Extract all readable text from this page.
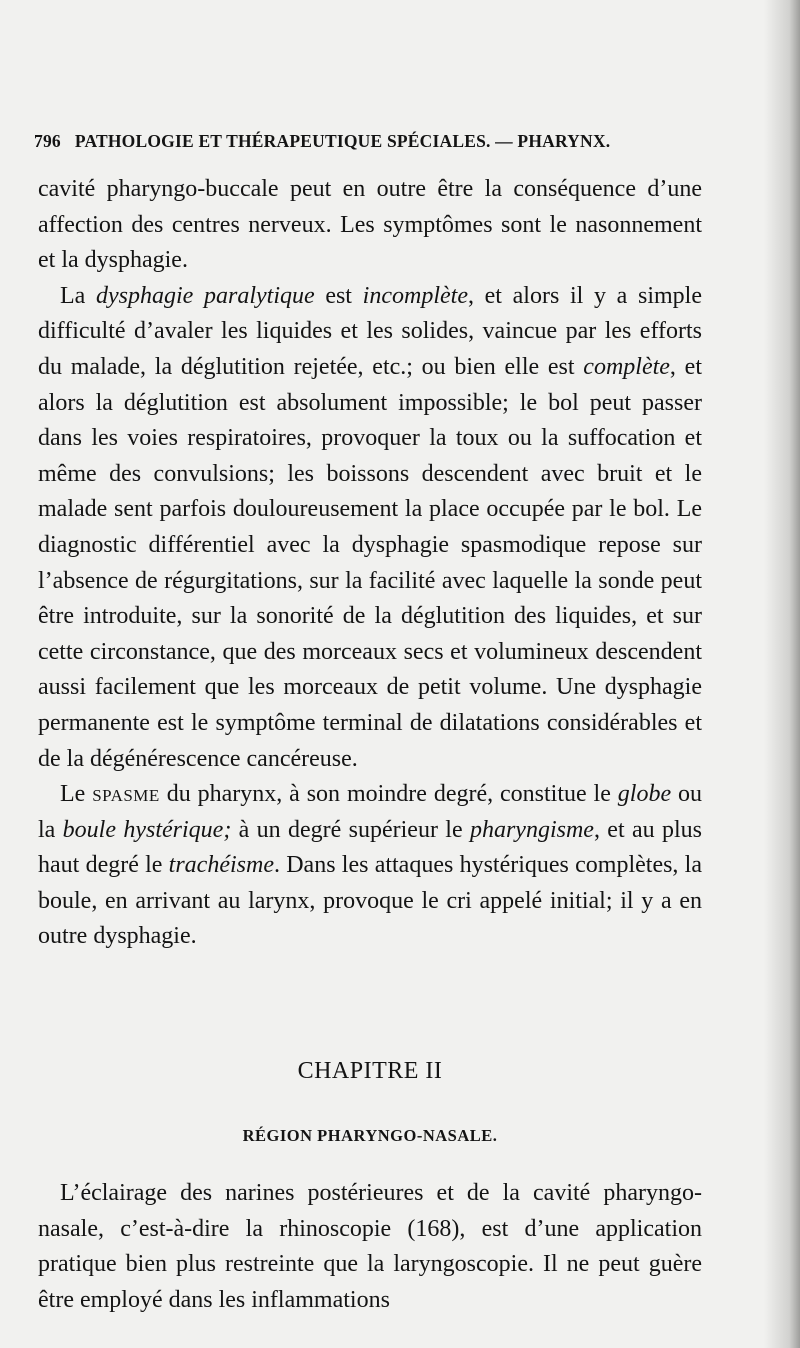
796 PATHOLOGIE ET THÉRAPEUTIQUE SPÉCIALES. — PHARYNX.

cavité pharyngo-buccale peut en outre être la conséquence d’une affection des centres nerveux. Les symptômes sont le nasonnement et la dysphagie.

La dysphagie paralytique est incomplète, et alors il y a simple difficulté d’avaler les liquides et les solides, vaincue par les efforts du malade, la déglutition rejetée, etc.; ou bien elle est complète, et alors la déglutition est absolument impossible; le bol peut passer dans les voies respiratoires, provoquer la toux ou la suffocation et même des convulsions; les boissons descendent avec bruit et le malade sent parfois douloureusement la place occupée par le bol. Le diagnostic différentiel avec la dysphagie spasmodique repose sur l’absence de régurgitations, sur la facilité avec laquelle la sonde peut être introduite, sur la sonorité de la déglutition des liquides, et sur cette circonstance, que des morceaux secs et volumineux descendent aussi facilement que les morceaux de petit volume. Une dysphagie permanente est le symptôme terminal de dilatations considérables et de la dégénérescence cancéreuse.

Le spasme du pharynx, à son moindre degré, constitue le globe ou la boule hystérique; à un degré supérieur le pharyngisme, et au plus haut degré le trachéisme. Dans les attaques hystériques complètes, la boule, en arrivant au larynx, provoque le cri appelé initial; il y a en outre dysphagie.

CHAPITRE II
RÉGION PHARYNGO-NASALE.

L’éclairage des narines postérieures et de la cavité pharyngo-nasale, c’est-à-dire la rhinoscopie (168), est d’une application pratique bien plus restreinte que la laryngoscopie. Il ne peut guère être employé dans les inflammations
